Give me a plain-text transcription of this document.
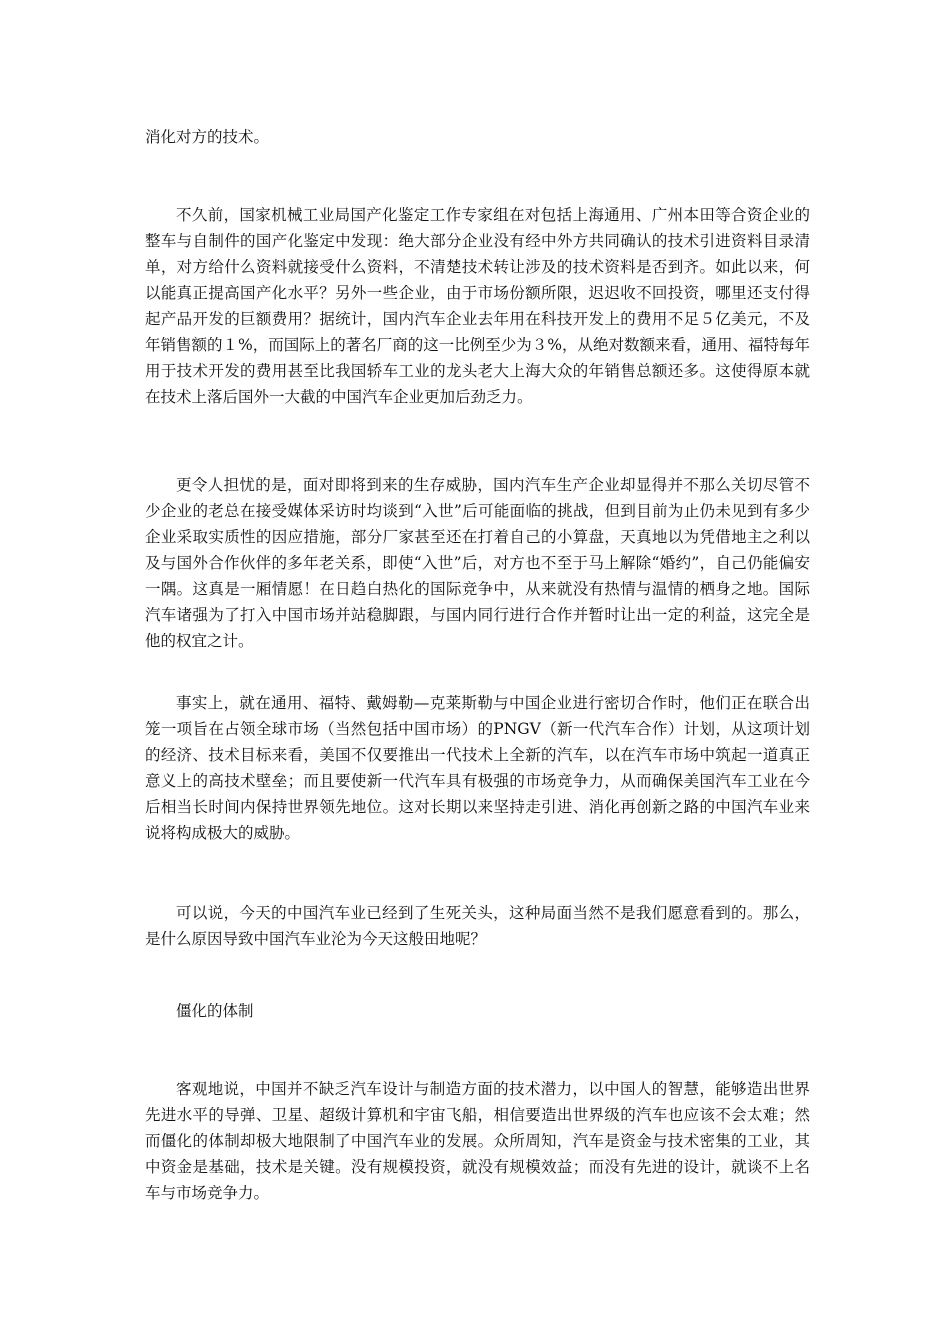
消化对方的技术。

不久前，国家机械工业局国产化鉴定工作专家组在对包括上海通用、广州本田等合资企业的整车与自制件的国产化鉴定中发现：绝大部分企业没有经中外方共同确认的技术引进资料目录清单，对方给什么资料就接受什么资料，不清楚技术转让涉及的技术资料是否到齐。如此以来，何以能真正提高国产化水平？另外一些企业，由于市场份额所限，迟迟收不回投资，哪里还支付得起产品开发的巨额费用？据统计，国内汽车企业去年用在科技开发上的费用不足５亿美元，不及年销售额的１%，而国际上的著名厂商的这一比例至少为３%，从绝对数额来看，通用、福特每年用于技术开发的费用甚至比我国轿车工业的龙头老大上海大众的年销售总额还多。这使得原本就在技术上落后国外一大截的中国汽车企业更加后劲乏力。

更令人担忧的是，面对即将到来的生存威胁，国内汽车生产企业却显得并不那么关切尽管不少企业的老总在接受媒体采访时均谈到“入世”后可能面临的挑战，但到目前为止仍未见到有多少企业采取实质性的因应措施，部分厂家甚至还在打着自己的小算盘，天真地以为凭借地主之利以及与国外合作伙伴的多年老关系，即使“入世”后，对方也不至于马上解除“婚约”，自己仍能偏安一隅。这真是一厢情愿！在日趋白热化的国际竞争中，从来就没有热情与温情的栖身之地。国际汽车诸强为了打入中国市场并站稳脚跟，与国内同行进行合作并暂时让出一定的利益，这完全是他的权宜之计。

事实上，就在通用、福特、戴姆勒—克莱斯勒与中国企业进行密切合作时，他们正在联合出笼一项旨在占领全球市场（当然包括中国市场）的PNGV（新一代汽车合作）计划，从这项计划的经济、技术目标来看，美国不仅要推出一代技术上全新的汽车，以在汽车市场中筑起一道真正意义上的高技术壁垒；而且要使新一代汽车具有极强的市场竞争力，从而确保美国汽车工业在今后相当长时间内保持世界领先地位。这对长期以来坚持走引进、消化再创新之路的中国汽车业来说将构成极大的威胁。

可以说，今天的中国汽车业已经到了生死关头，这种局面当然不是我们愿意看到的。那么，是什么原因导致中国汽车业沦为今天这般田地呢？

僵化的体制

客观地说，中国并不缺乏汽车设计与制造方面的技术潜力，以中国人的智慧，能够造出世界先进水平的导弹、卫星、超级计算机和宇宙飞船，相信要造出世界级的汽车也应该不会太难；然而僵化的体制却极大地限制了中国汽车业的发展。众所周知，汽车是资金与技术密集的工业，其中资金是基础，技术是关键。没有规模投资，就没有规模效益；而没有先进的设计，就谈不上名车与市场竞争力。
